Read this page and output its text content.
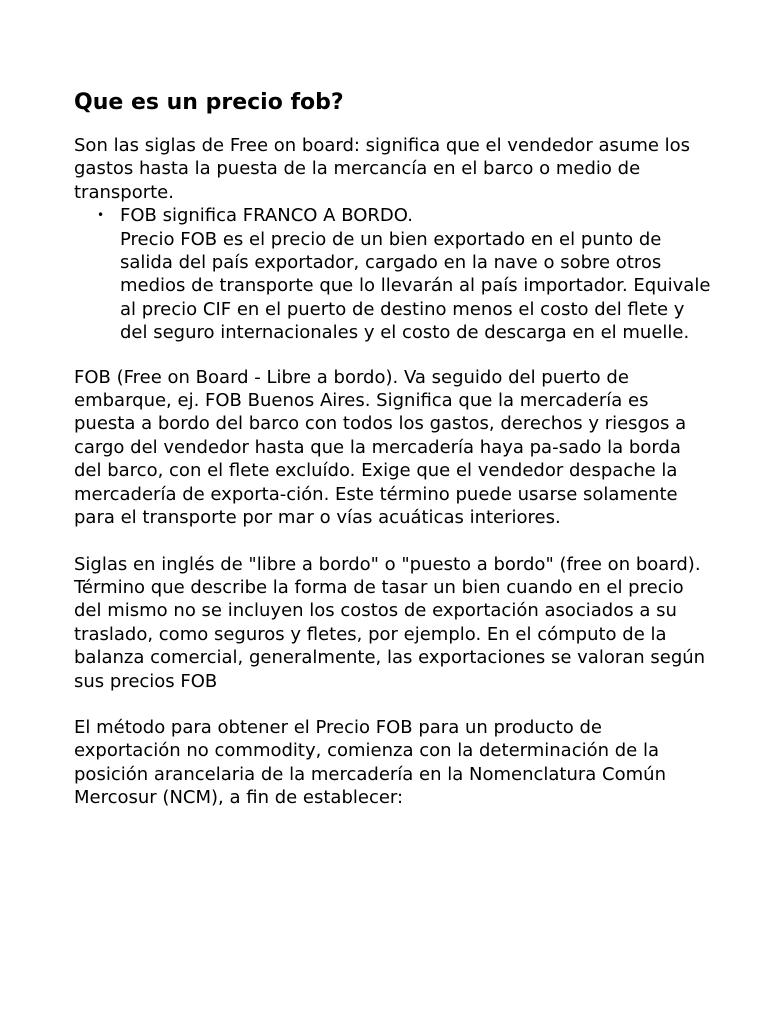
Que es un precio fob?

Son las siglas de Free on board: significa que el vendedor asume los gastos hasta la puesta de la mercancía en el barco o medio de transporte.

• FOB significa FRANCO A BORDO.
Precio FOB es el precio de un bien exportado en el punto de salida del país exportador, cargado en la nave o sobre otros medios de transporte que lo llevarán al país importador. Equivale al precio CIF en el puerto de destino menos el costo del flete y del seguro internacionales y el costo de descarga en el muelle.

FOB (Free on Board - Libre a bordo). Va seguido del puerto de embarque, ej. FOB Buenos Aires. Significa que la mercadería es puesta a bordo del barco con todos los gastos, derechos y riesgos a cargo del vendedor hasta que la mercadería haya pa-sado la borda del barco, con el flete excluído. Exige que el vendedor despache la mercadería de exporta-ción. Este término puede usarse solamente para el transporte por mar o vías acuáticas interiores.

Siglas en inglés de "libre a bordo" o "puesto a bordo" (free on board). Término que describe la forma de tasar un bien cuando en el precio del mismo no se incluyen los costos de exportación asociados a su traslado, como seguros y fletes, por ejemplo. En el cómputo de la balanza comercial, generalmente, las exportaciones se valoran según sus precios FOB

El método para obtener el Precio FOB para un producto de exportación no commodity, comienza con la determinación de la posición arancelaria de la mercadería en la Nomenclatura Común Mercosur (NCM), a fin de establecer:
